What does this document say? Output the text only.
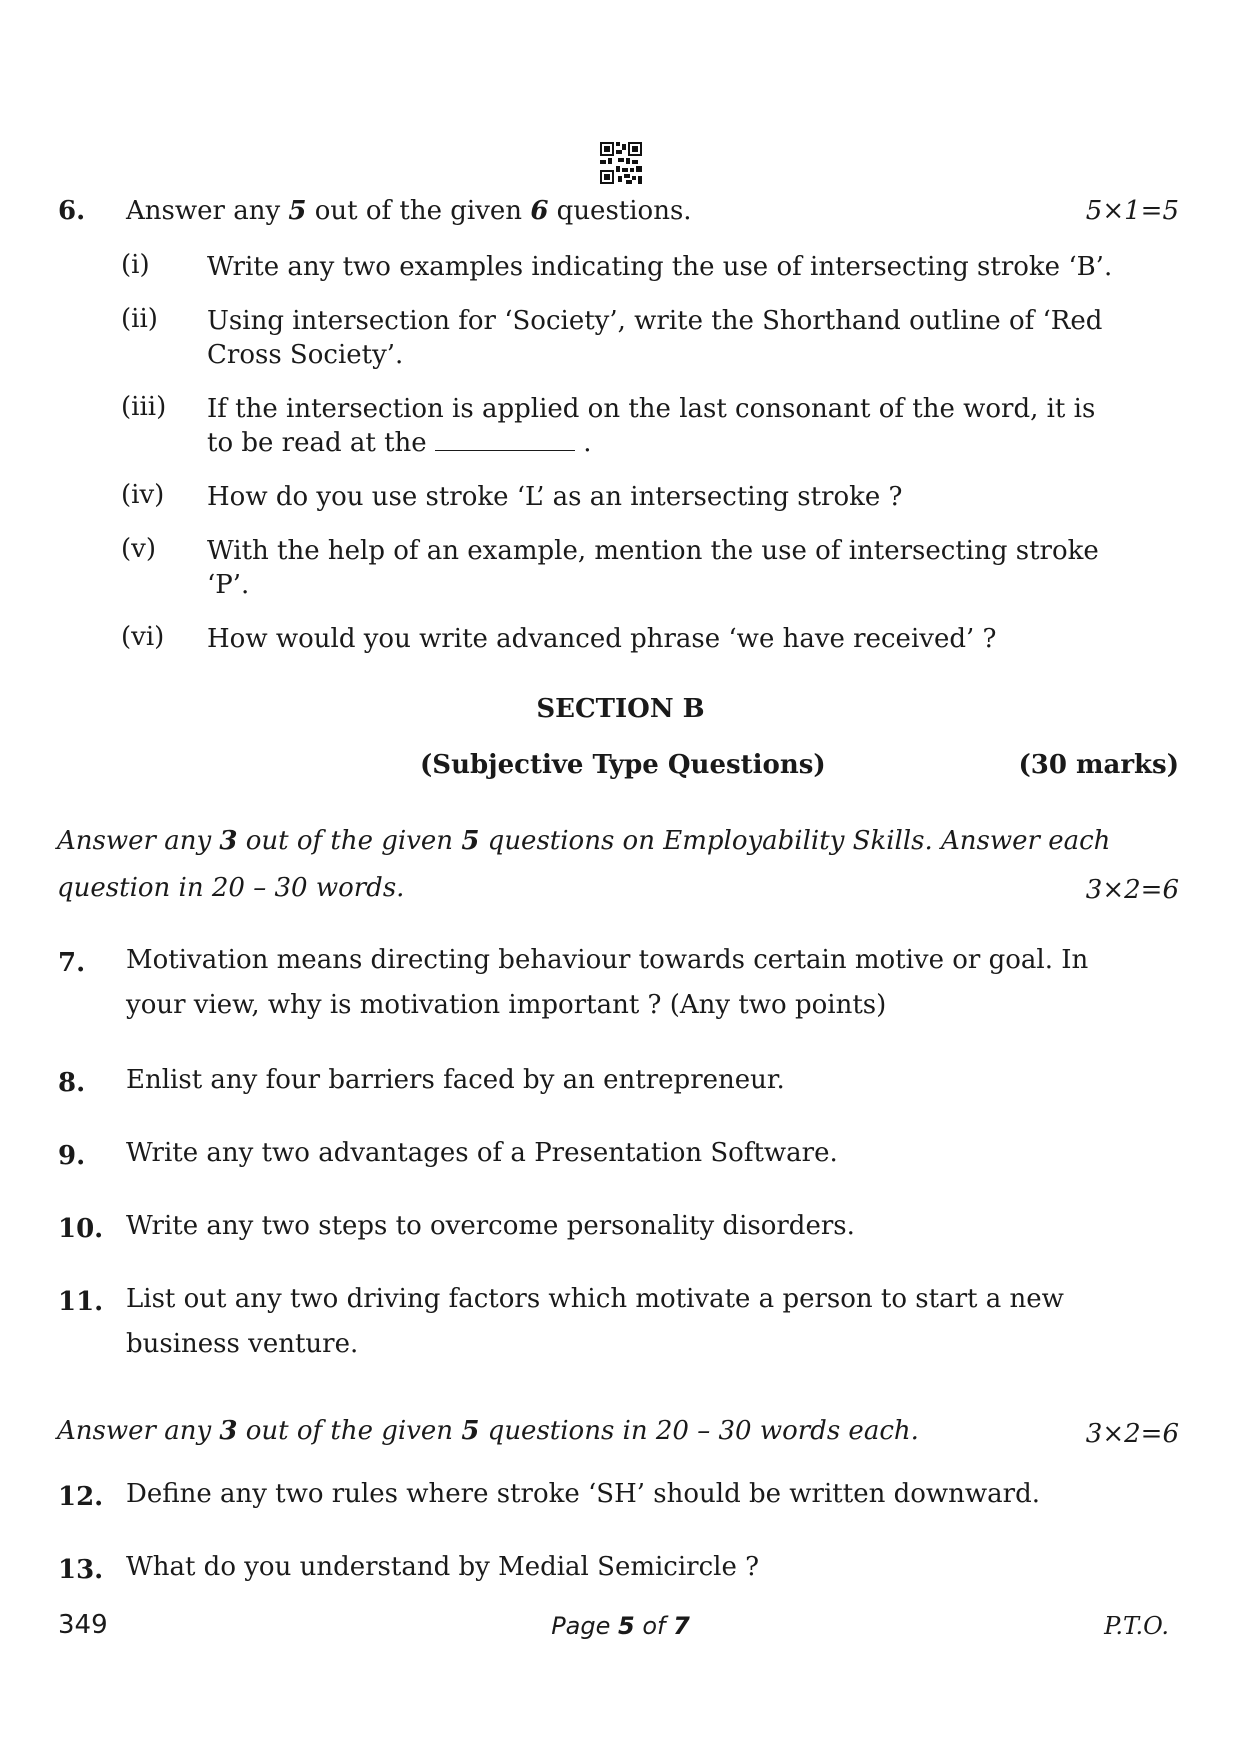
6. Answer any 5 out of the given 6 questions.	5×1=5
(i) Write any two examples indicating the use of intersecting stroke ‘B’.
(ii) Using intersection for ‘Society’, write the Shorthand outline of ‘Red Cross Society’.
(iii) If the intersection is applied on the last consonant of the word, it is to be read at the	.
(iv) How do you use stroke ‘L’ as an intersecting stroke ?
(v) With the help of an example, mention the use of intersecting stroke ‘P’.
(vi) How would you write advanced phrase ‘we have received’ ?
SECTION B
(Subjective Type Questions)	(30 marks)
Answer any 3 out of the given 5 questions on Employability Skills. Answer each question in 20 – 30 words.	3×2=6
7. Motivation means directing behaviour towards certain motive or goal. In your view, why is motivation important ? (Any two points)
8. Enlist any four barriers faced by an entrepreneur.
9. Write any two advantages of a Presentation Software.
10. Write any two steps to overcome personality disorders.
11. List out any two driving factors which motivate a person to start a new business venture.
Answer any 3 out of the given 5 questions in 20 – 30 words each.	3×2=6
12. Define any two rules where stroke ‘SH’ should be written downward.
13. What do you understand by Medial Semicircle ?
349	Page 5 of 7	P.T.O.
